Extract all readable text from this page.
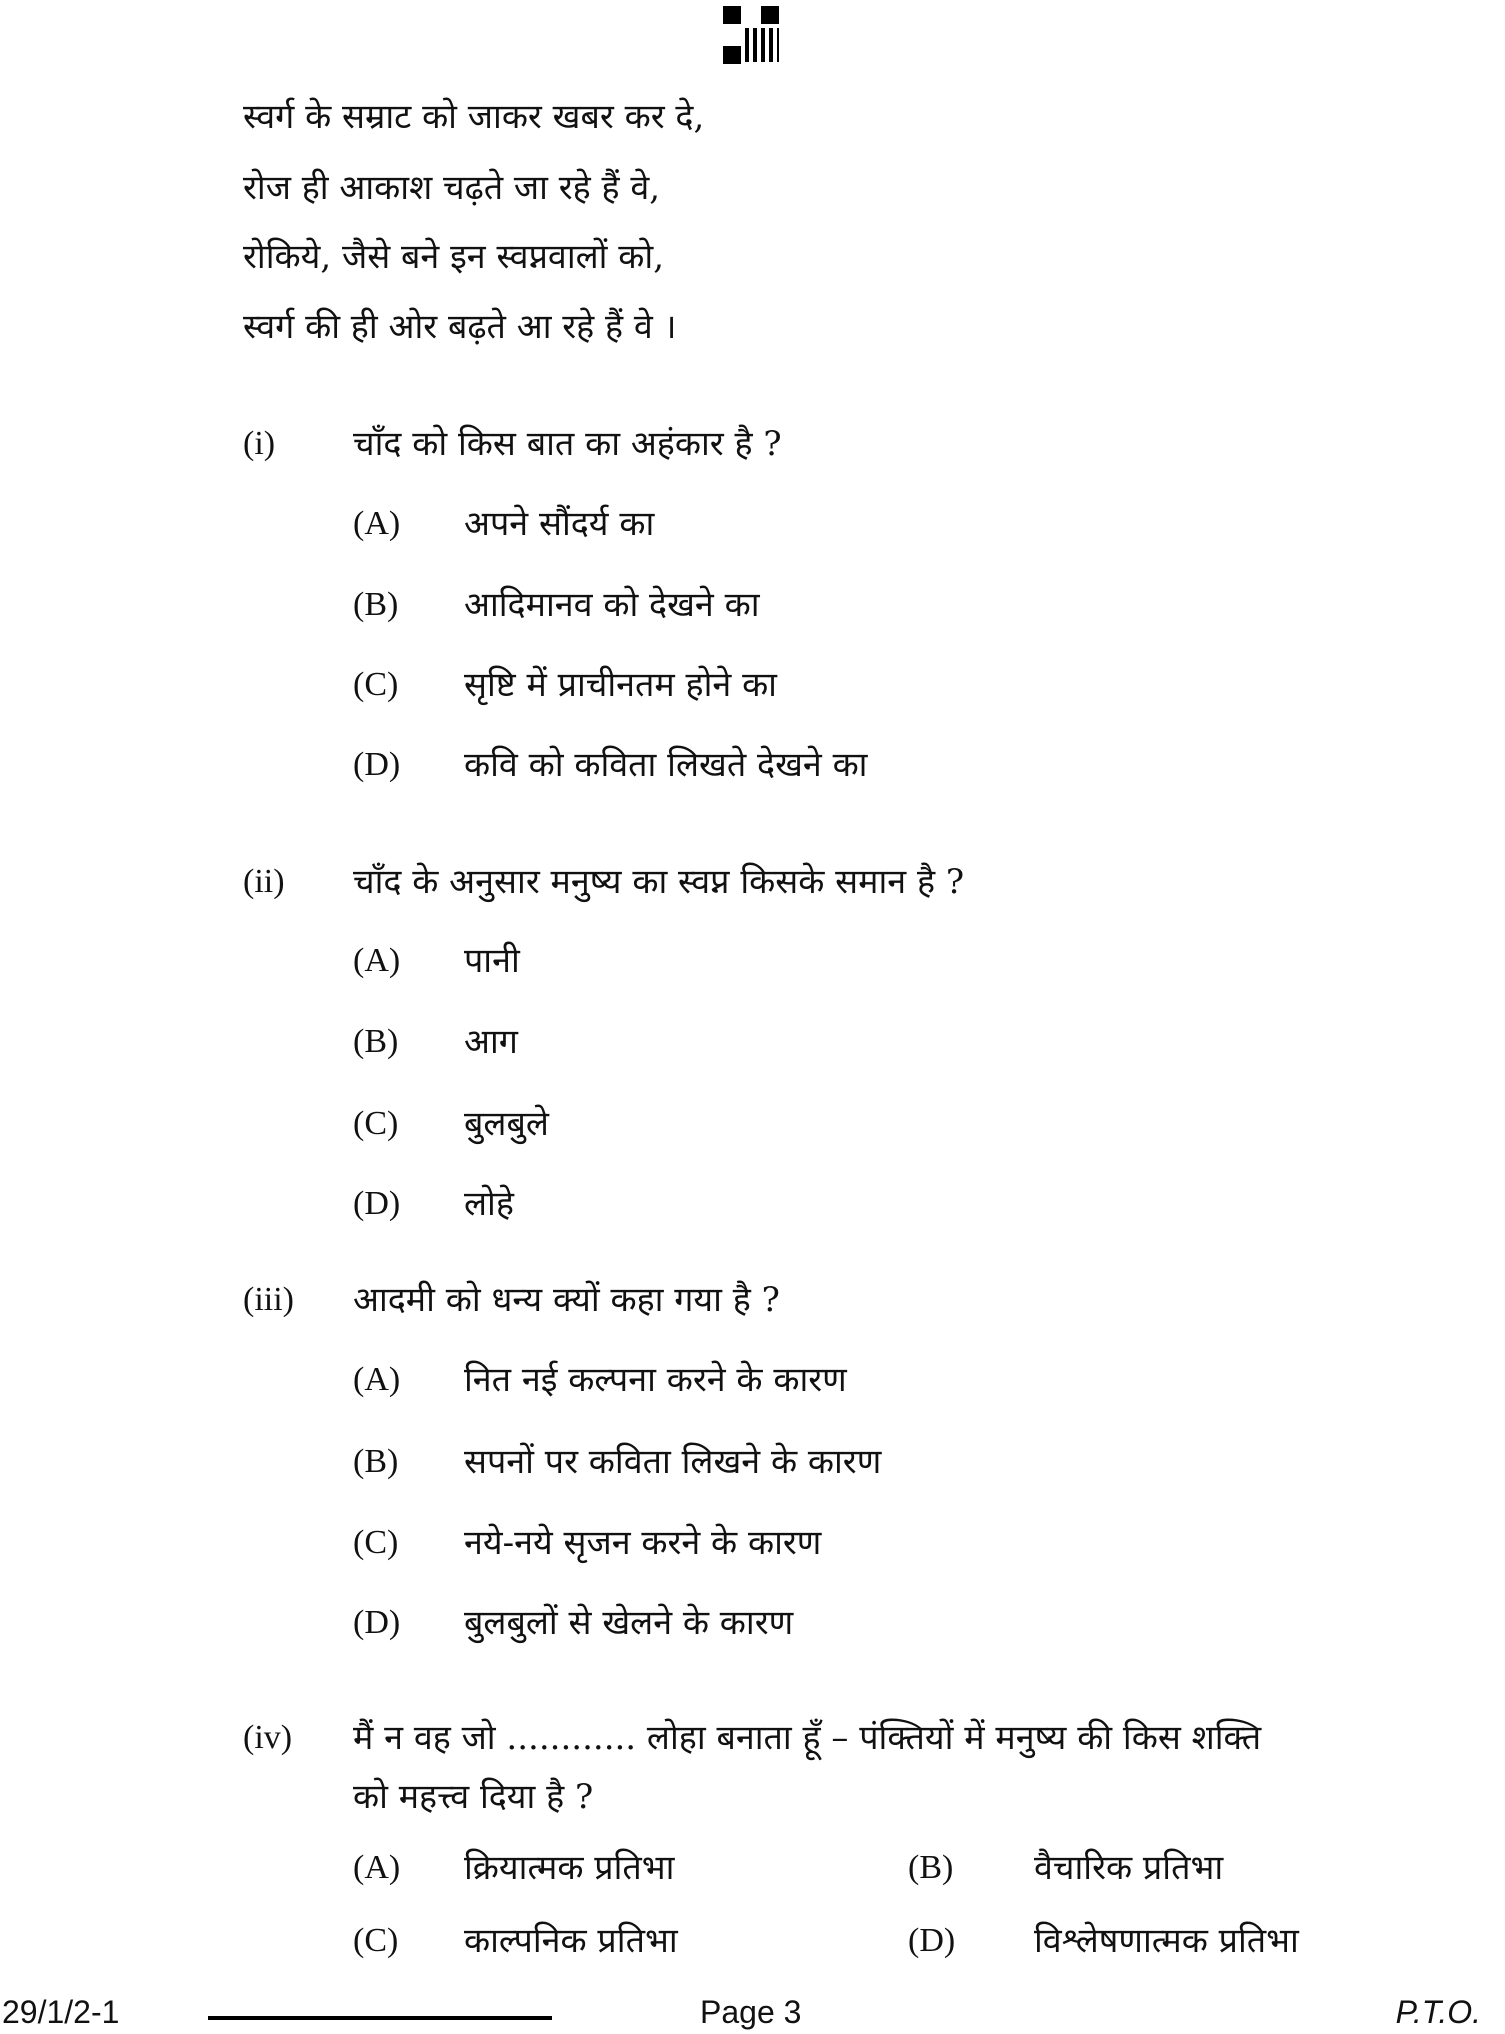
स्वर्ग के सम्राट को जाकर खबर कर दे,
रोज ही आकाश चढ़ते जा रहे हैं वे,
रोकिये, जैसे बने इन स्वप्नवालों को,
स्वर्ग की ही ओर बढ़ते आ रहे हैं वे ।
(i) चाँद को किस बात का अहंकार है ?
(A) अपने सौंदर्य का
(B) आदिमानव को देखने का
(C) सृष्टि में प्राचीनतम होने का
(D) कवि को कविता लिखते देखने का
(ii) चाँद के अनुसार मनुष्य का स्वप्न किसके समान है ?
(A) पानी
(B) आग
(C) बुलबुले
(D) लोहे
(iii) आदमी को धन्य क्यों कहा गया है ?
(A) नित नई कल्पना करने के कारण
(B) सपनों पर कविता लिखने के कारण
(C) नये-नये सृजन करने के कारण
(D) बुलबुलों से खेलने के कारण
(iv) मैं न वह जो ............ लोहा बनाता हूँ – पंक्तियों में मनुष्य की किस शक्ति
को महत्त्व दिया है ?
(A) क्रियात्मक प्रतिभा	(B) वैचारिक प्रतिभा
(C) काल्पनिक प्रतिभा	(D) विश्लेषणात्मक प्रतिभा
29/1/2-1	Page 3	P.T.O.
